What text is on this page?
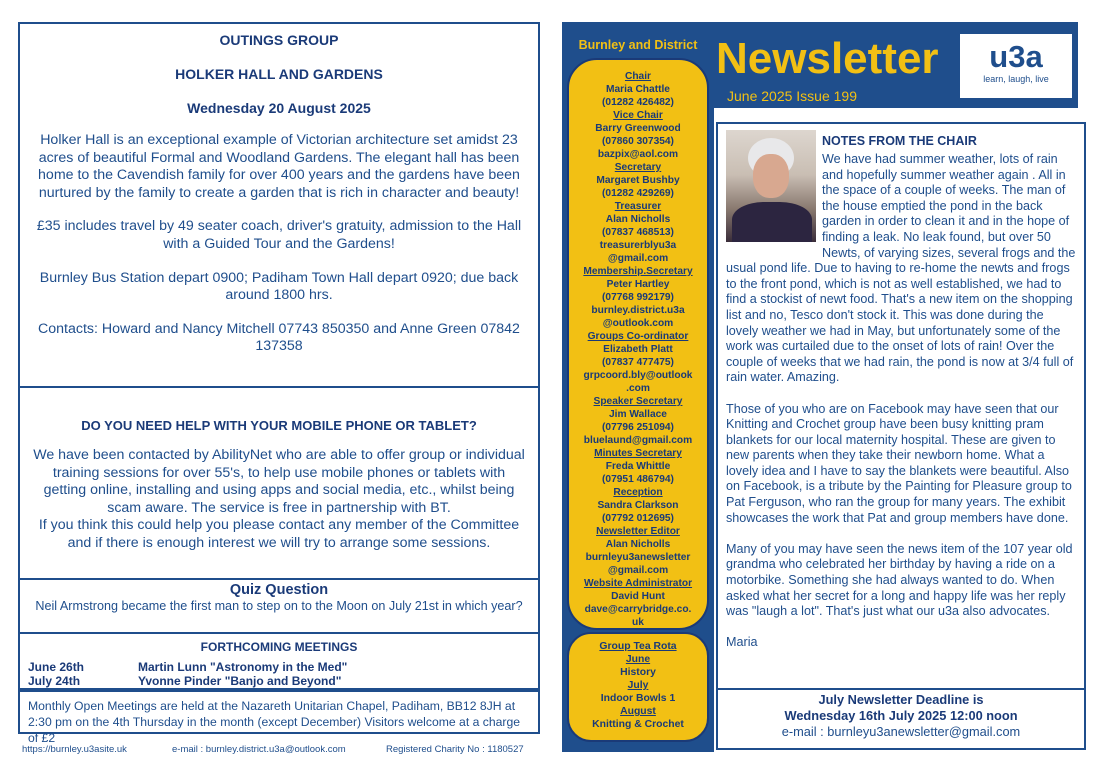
OUTINGS GROUP
HOLKER HALL AND GARDENS
Wednesday 20 August 2025
Holker Hall is an exceptional example of Victorian architecture set amidst 23 acres of beautiful Formal and Woodland Gardens. The elegant hall has been home to the Cavendish family for over 400 years and the gardens have been nurtured by the family to create a garden that is rich in character and beauty!
£35 includes travel by 49 seater coach, driver's gratuity, admission to the Hall with a Guided Tour and the Gardens!
Burnley Bus Station depart 0900; Padiham Town Hall depart 0920; due back around 1800 hrs.
Contacts: Howard and Nancy Mitchell 07743 850350 and Anne Green 07842 137358
DO YOU NEED HELP WITH YOUR MOBILE PHONE OR TABLET?
We have been contacted by AbilityNet who are able to offer group or individual training sessions for over 55's, to help use mobile phones or tablets with getting online, installing and using apps and social media, etc., whilst being scam aware. The service is free in partnership with BT.
If you think this could help you please contact any member of the Committee and if there is enough interest we will try to arrange some sessions.
Quiz Question
Neil Armstrong became the first man to step on to the Moon on July 21st in which year?
FORTHCOMING MEETINGS
June 26th	Martin Lunn "Astronomy in the Med"
July 24th	Yvonne Pinder "Banjo and Beyond"
Monthly Open Meetings are held at the Nazareth Unitarian Chapel, Padiham, BB12 8JH at 2:30 pm on the 4th Thursday in the month (except December) Visitors welcome at a charge of £2
https://burnley.u3asite.uk	e-mail : burnley.district.u3a@outlook.com	Registered Charity No : 1180527
Burnley and District
Chair
Maria Chattle
(01282 426482)
Vice Chair
Barry Greenwood
(07860 307354)
bazpix@aol.com
Secretary
Margaret Bushby
(01282 429269)
Treasurer
Alan Nicholls
(07837 468513)
treasurerblyu3a
@gmail.com
Membership.Secretary
Peter Hartley
(07768 992179)
burnley.district.u3a
@outlook.com
Groups Co-ordinator
Elizabeth Platt
(07837 477475)
grpcoord.bly@outlook
.com
Speaker Secretary
Jim Wallace
(07796 251094)
bluelaund@gmail.com
Minutes Secretary
Freda Whittle
(07951 486794)
Reception
Sandra Clarkson
(07792 012695)
Newsletter Editor
Alan Nicholls
burnleyu3anewsletter
@gmail.com
Website Administrator
David Hunt
dave@carrybridge.co.
uk
Group Tea Rota
June
History
July
Indoor Bowls 1
August
Knitting & Crochet
Newsletter
June 2025 Issue 199
u3a
learn, laugh, live
NOTES FROM THE CHAIR
We have had summer weather, lots of rain and hopefully summer weather again . All in the space of a couple of weeks. The man of the house emptied the pond in the back garden in order to clean it and in the hope of finding a leak. No leak found, but over 50 Newts, of varying sizes, several frogs and the usual pond life. Due to having to re-home the newts and frogs to the front pond, which is not as well established, we had to find a stockist of newt food. That's a new item on the shopping list and no, Tesco don't stock it. This was done during the lovely weather we had in May, but unfortunately some of the work was curtailed due to the onset of lots of rain! Over the couple of weeks that we had rain, the pond is now at 3/4 full of rain water. Amazing.
Those of you who are on Facebook may have seen that our Knitting and Crochet group have been busy knitting pram blankets for our local maternity hospital. These are given to new parents when they take their newborn home. What a lovely idea and I have to say the blankets were beautiful. Also on Facebook, is a tribute by the Painting for Pleasure group to Pat Ferguson, who ran the group for many years. The exhibit showcases the work that Pat and group members have done.
Many of you may have seen the news item of the 107 year old grandma who celebrated her birthday by having a ride on a motorbike. Something she had always wanted to do. When asked what her secret for a long and happy life was her reply was "laugh a lot". That's just what our u3a also advocates.
Maria
July Newsletter Deadline is
Wednesday 16th July 2025 12:00 noon
e-mail : burnleyu3anewsletter@gmail.com
